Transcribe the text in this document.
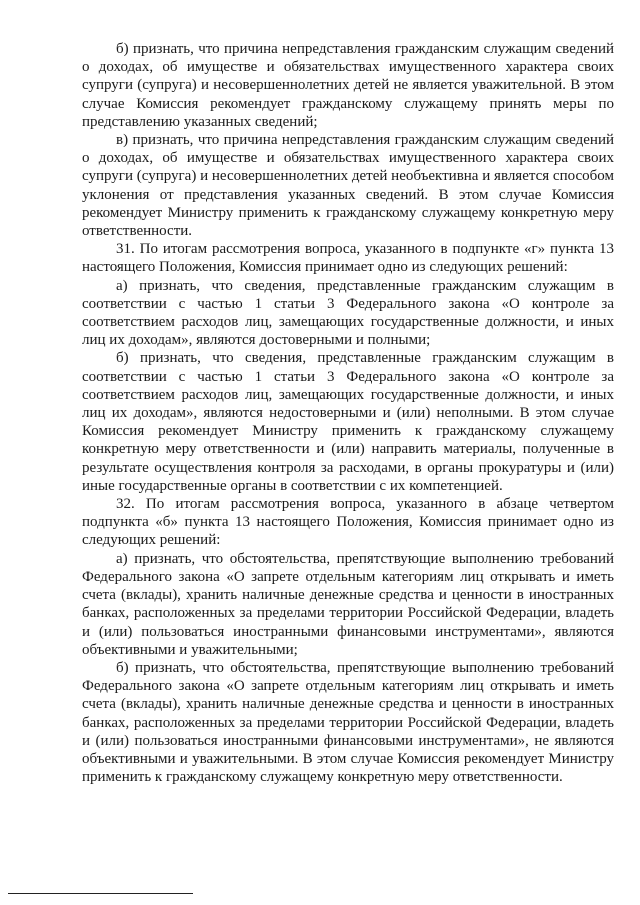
б) признать, что причина непредставления гражданским служащим сведений о доходах, об имуществе и обязательствах имущественного характера своих супруги (супруга) и несовершеннолетних детей не является уважительной. В этом случае Комиссия рекомендует гражданскому служащему принять меры по представлению указанных сведений;

в) признать, что причина непредставления гражданским служащим сведений о доходах, об имуществе и обязательствах имущественного характера своих супруги (супруга) и несовершеннолетних детей необъективна и является способом уклонения от представления указанных сведений. В этом случае Комиссия рекомендует Министру применить к гражданскому служащему конкретную меру ответственности.

31. По итогам рассмотрения вопроса, указанного в подпункте «г» пункта 13 настоящего Положения, Комиссия принимает одно из следующих решений:

а) признать, что сведения, представленные гражданским служащим в соответствии с частью 1 статьи 3 Федерального закона «О контроле за соответствием расходов лиц, замещающих государственные должности, и иных лиц их доходам», являются достоверными и полными;

б) признать, что сведения, представленные гражданским служащим в соответствии с частью 1 статьи 3 Федерального закона «О контроле за соответствием расходов лиц, замещающих государственные должности, и иных лиц их доходам», являются недостоверными и (или) неполными. В этом случае Комиссия рекомендует Министру применить к гражданскому служащему конкретную меру ответственности и (или) направить материалы, полученные в результате осуществления контроля за расходами, в органы прокуратуры и (или) иные государственные органы в соответствии с их компетенцией.

32. По итогам рассмотрения вопроса, указанного в абзаце четвертом подпункта «б» пункта 13 настоящего Положения, Комиссия принимает одно из следующих решений:

а) признать, что обстоятельства, препятствующие выполнению требований Федерального закона «О запрете отдельным категориям лиц открывать и иметь счета (вклады), хранить наличные денежные средства и ценности в иностранных банках, расположенных за пределами территории Российской Федерации, владеть и (или) пользоваться иностранными финансовыми инструментами», являются объективными и уважительными;

б) признать, что обстоятельства, препятствующие выполнению требований Федерального закона «О запрете отдельным категориям лиц открывать и иметь счета (вклады), хранить наличные денежные средства и ценности в иностранных банках, расположенных за пределами территории Российской Федерации, владеть и (или) пользоваться иностранными финансовыми инструментами», не являются объективными и уважительными. В этом случае Комиссия рекомендует Министру применить к гражданскому служащему конкретную меру ответственности.
